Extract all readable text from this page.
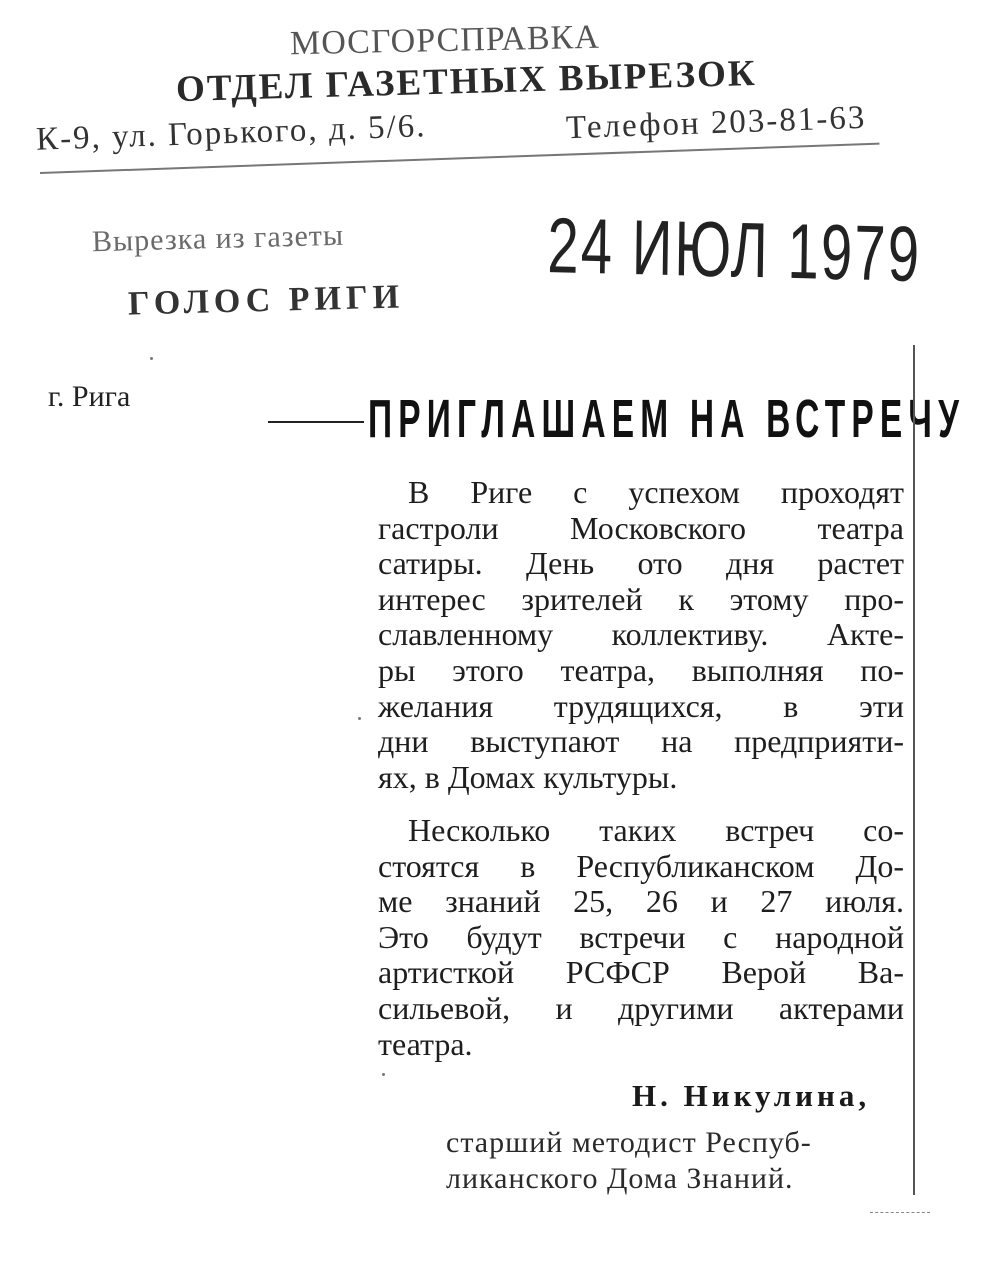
МОСГОРСПРАВКА
ОТДЕЛ ГАЗЕТНЫХ ВЫРЕЗОК
К-9, ул. Горького, д. 5/6.	Телефон 203-81-63
Вырезка из газеты
ГОЛОС РИГИ
24 ИЮЛ 1979
г. Рига	ПРИГЛАШАЕМ НА ВСТРЕЧУ
В Риге с успехом проходят
гастроли Московского театра
сатиры. День ото дня растет
интерес зрителей к этому про-
славленному коллективу. Акте-
ры этого театра, выполняя по-
желания трудящихся, в эти
дни выступают на предприяти-
ях, в Домах культуры.
Несколько таких встреч со-
стоятся в Республиканском До-
ме знаний 25, 26 и 27 июля.
Это будут встречи с народной
артисткой РСФСР Верой Ва-
сильевой, и другими актерами
театра.
Н. Никулина,
старший методист Респуб-
ликанского Дома Знаний.
